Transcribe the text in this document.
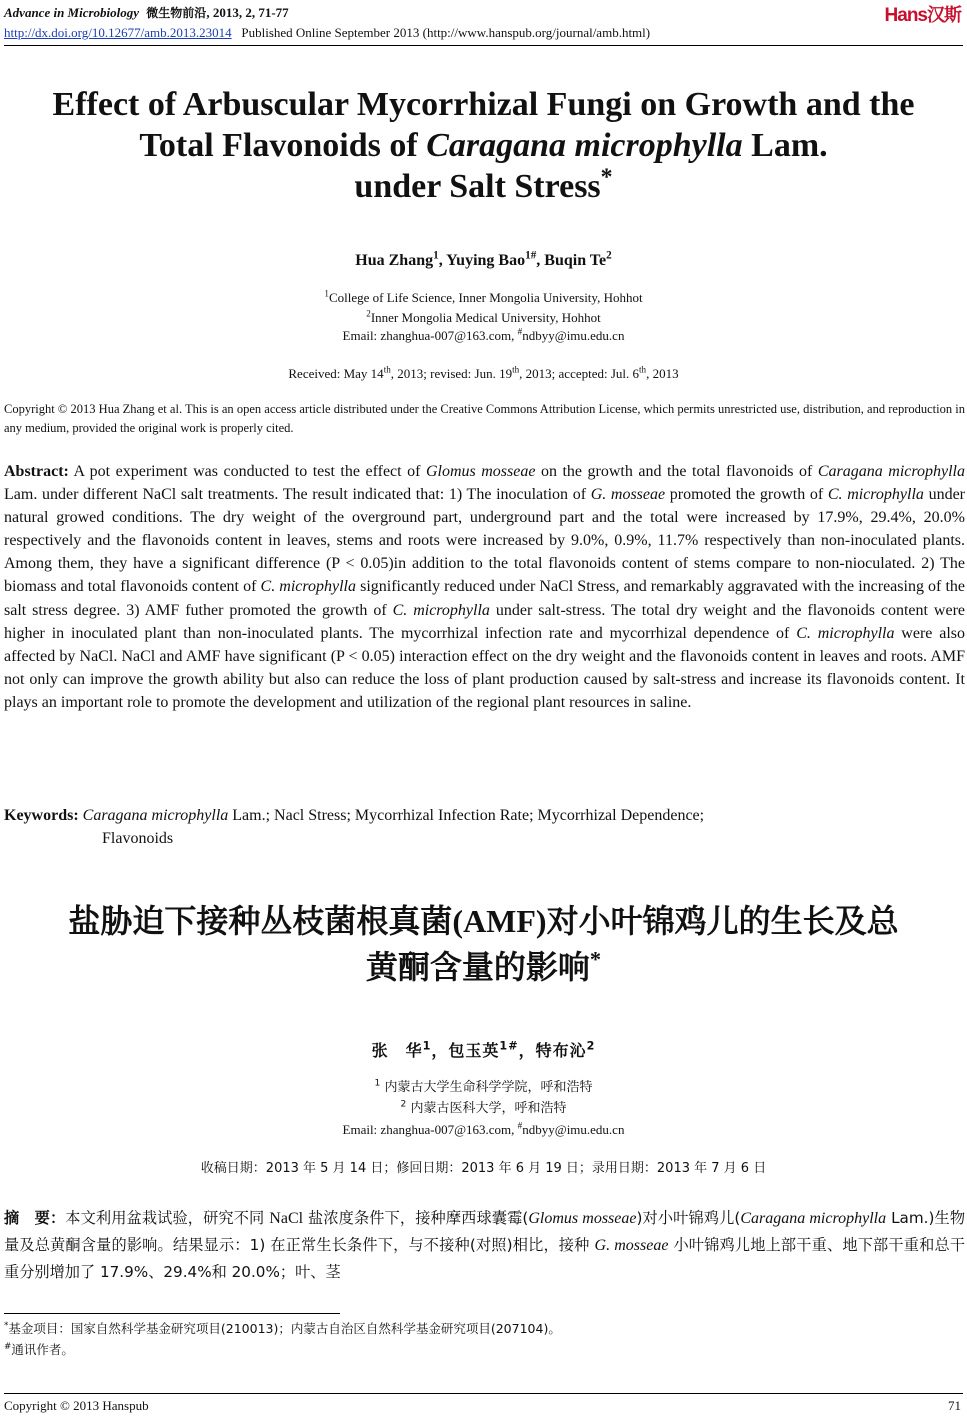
Advance in Microbiology 微生物前沿, 2013, 2, 71-77	Hans汉斯
http://dx.doi.org/10.12677/amb.2013.23014 Published Online September 2013 (http://www.hanspub.org/journal/amb.html)
Effect of Arbuscular Mycorrhizal Fungi on Growth and the
Total Flavonoids of Caragana microphylla Lam.
under Salt Stress*
Hua Zhang$^1$, Yuying Bao$^{1\#}$, Buqin Te$^2$
$^1$College of Life Science, Inner Mongolia University, Hohhot
$^2$Inner Mongolia Medical University, Hohhot
Email: zhanghua-007@163.com, #ndbyy@imu.edu.cn
Received: May 14th, 2013; revised: Jun. 19th, 2013; accepted: Jul. 6th, 2013
Copyright © 2013 Hua Zhang et al. This is an open access article distributed under the Creative Commons Attribution License, which permits unrestricted use, distribution, and reproduction in any medium, provided the original work is properly cited.
Abstract: A pot experiment was conducted to test the effect of Glomus mosseae on the growth and the total flavonoids of Caragana microphylla Lam. under different NaCl salt treatments. The result indicated that: 1) The inoculation of G. mosseae promoted the growth of C. microphylla under natural growed conditions. The dry weight of the overground part, underground part and the total were increased by 17.9%, 29.4%, 20.0% respectively and the flavonoids content in leaves, stems and roots were increased by 9.0%, 0.9%, 11.7% respectively than non-inoculated plants. Among them, they have a significant difference (P < 0.05)in addition to the total flavonoids content of stems compare to non-nioculated. 2) The biomass and total flavonoids content of C. microphylla significantly reduced under NaCl Stress, and remarkably aggravated with the increasing of the salt stress degree. 3) AMF futher promoted the growth of C. microphylla under salt-stress. The total dry weight and the flavonoids content were higher in inoculated plant than non-inoculated plants. The mycorrhizal infection rate and mycorrhizal dependence of C. microphylla were also affected by NaCl. NaCl and AMF have significant (P < 0.05) interaction effect on the dry weight and the flavonoids content in leaves and roots. AMF not only can improve the growth ability but also can reduce the loss of plant production caused by salt-stress and increase its flavonoids content. It plays an important role to promote the development and utilization of the regional plant resources in saline.
Keywords: Caragana microphylla Lam.; Nacl Stress; Mycorrhizal Infection Rate; Mycorrhizal Dependence;
Flavonoids
盐胁迫下接种丛枝菌根真菌(AMF)对小叶锦鸡儿的生长及总
黄酮含量的影响*
张　华$^1$，包玉英$^{1\#}$，特布沁$^2$
$^1$ 内蒙古大学生命科学学院，呼和浩特
$^2$ 内蒙古医科大学，呼和浩特
Email: zhanghua-007@163.com, #ndbyy@imu.edu.cn
收稿日期：2013 年 5 月 14 日；修回日期：2013 年 6 月 19 日；录用日期：2013 年 7 月 6 日
摘　要：本文利用盆栽试验，研究不同 NaCl 盐浓度条件下，接种摩西球囊霉(Glomus mosseae)对小叶锦鸡儿(Caragana microphylla Lam.)生物量及总黄酮含量的影响。结果显示：1) 在正常生长条件下，与不接种(对照)相比，接种 G. mosseae 小叶锦鸡儿地上部干重、地下部干重和总干重分别增加了 17.9%、29.4%和 20.0%；叶、茎
*基金项目：国家自然科学基金研究项目(210013)；内蒙古自治区自然科学基金研究项目(207104)。
#通讯作者。
Copyright © 2013 Hanspub	71
